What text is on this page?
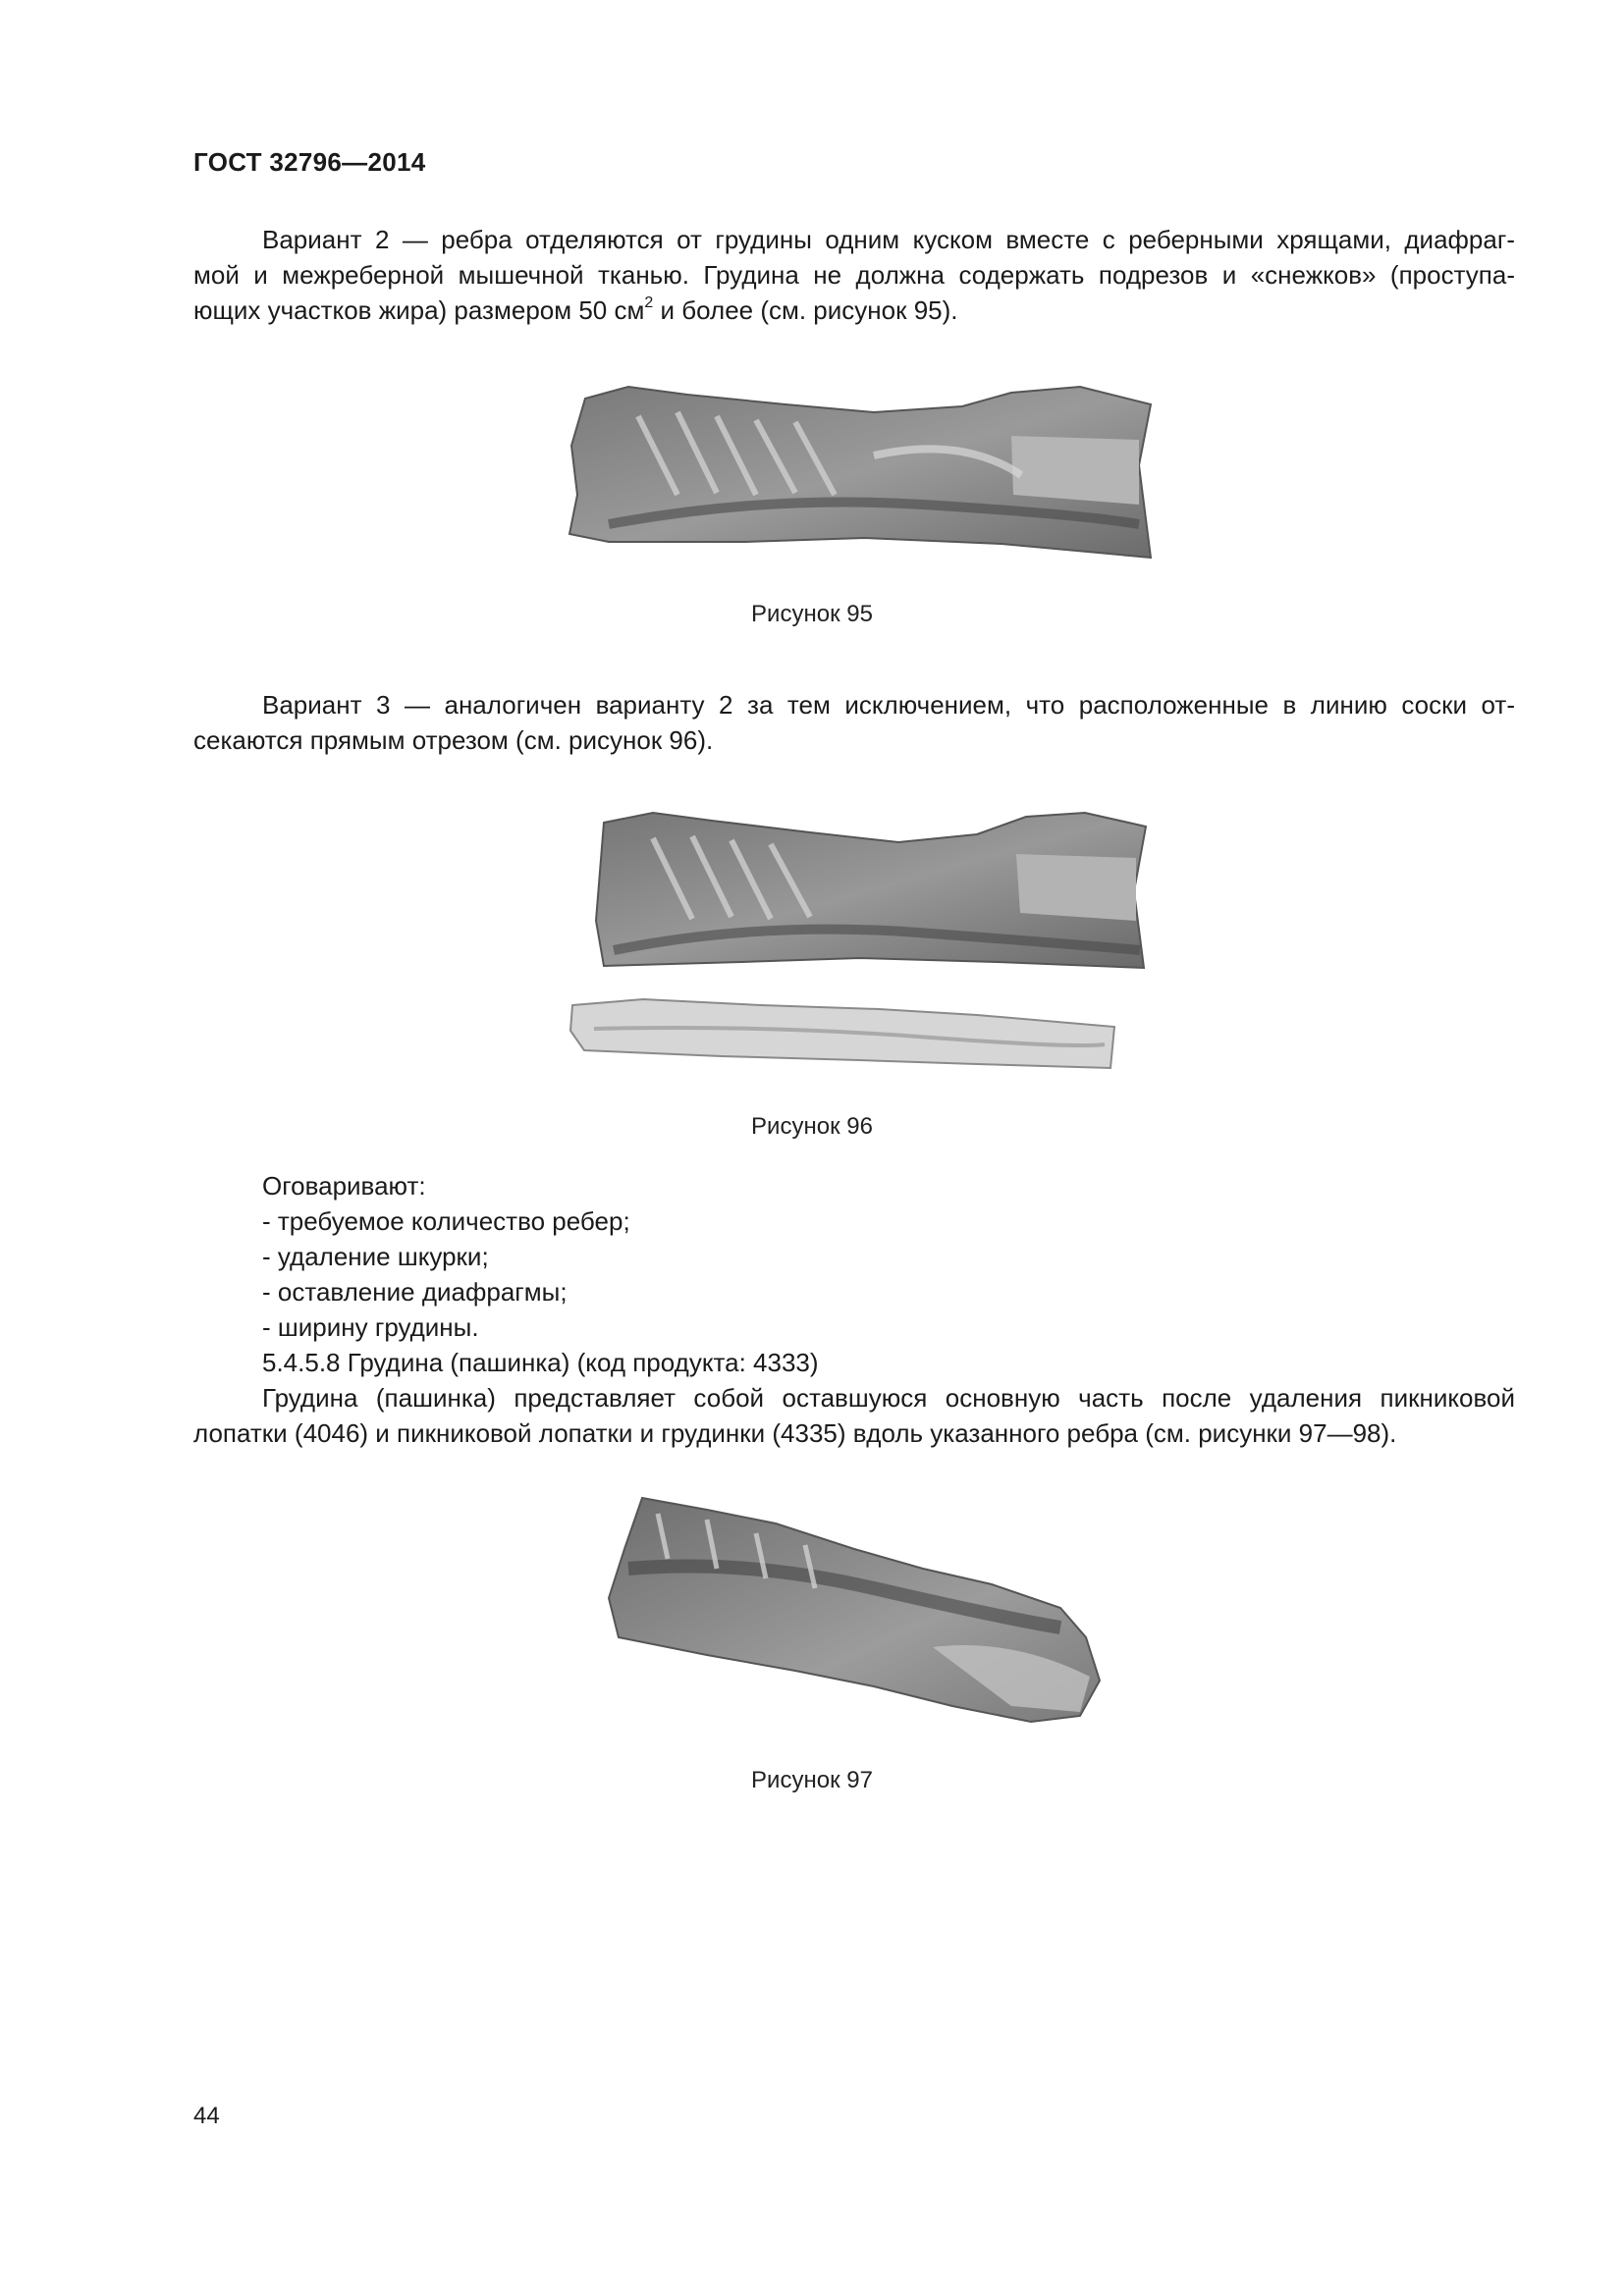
ГОСТ 32796—2014
Вариант 2 — ребра отделяются от грудины одним куском вместе с реберными хрящами, диафраг-
мой и межреберной мышечной тканью. Грудина не должна содержать подрезов и «снежков» (проступа-
ющих участков жира) размером 50 $см^2$ и более (см. рисунок 95).
Рисунок 95
Вариант 3 — аналогичен варианту 2 за тем исключением, что расположенные в линию соски от-
секаются прямым отрезом (см. рисунок 96).
Рисунок 96
Оговаривают:
- требуемое количество ребер;
- удаление шкурки;
- оставление диафрагмы;
- ширину грудины.
5.4.5.8 Грудина (пашинка) (код продукта: 4333)
Грудина (пашинка) представляет собой оставшуюся основную часть после удаления пикниковой
лопатки (4046) и пикниковой лопатки и грудинки (4335) вдоль указанного ребра (см. рисунки 97—98).
Рисунок 97
44
